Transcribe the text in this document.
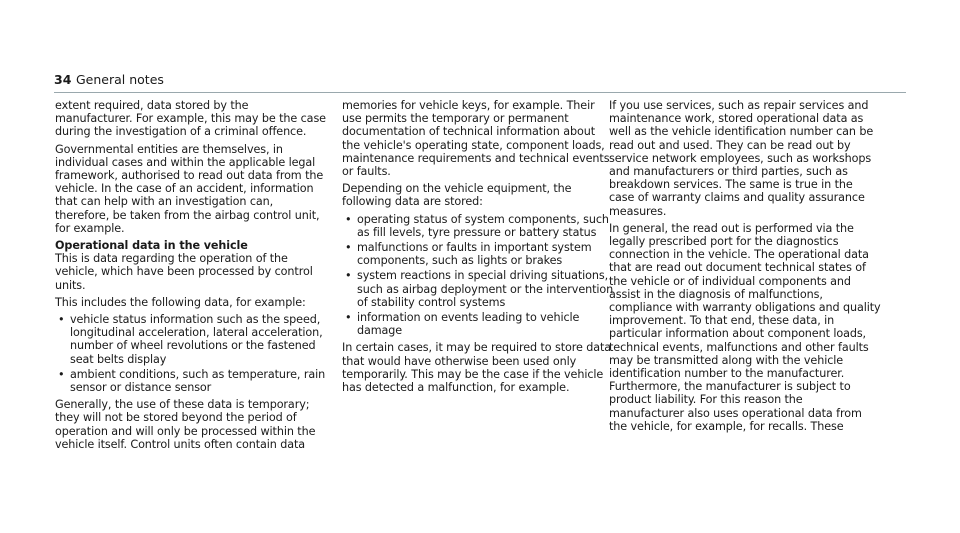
34 General notes

extent required, data stored by the manufacturer. For example, this may be the case during the investigation of a criminal offence.

Governmental entities are themselves, in individual cases and within the applicable legal framework, authorised to read out data from the vehicle. In the case of an accident, information that can help with an investigation can, therefore, be taken from the airbag control unit, for example.

Operational data in the vehicle

This is data regarding the operation of the vehicle, which have been processed by control units.

This includes the following data, for example:

• vehicle status information such as the speed, longitudinal acceleration, lateral acceleration, number of wheel revolutions or the fastened seat belts display
• ambient conditions, such as temperature, rain sensor or distance sensor

Generally, the use of these data is temporary; they will not be stored beyond the period of operation and will only be processed within the vehicle itself. Control units often contain data

memories for vehicle keys, for example. Their use permits the temporary or permanent documentation of technical information about the vehicle's operating state, component loads, maintenance requirements and technical events or faults.

Depending on the vehicle equipment, the following data are stored:

• operating status of system components, such as fill levels, tyre pressure or battery status
• malfunctions or faults in important system components, such as lights or brakes
• system reactions in special driving situations, such as airbag deployment or the intervention of stability control systems
• information on events leading to vehicle damage

In certain cases, it may be required to store data that would have otherwise been used only temporarily. This may be the case if the vehicle has detected a malfunction, for example.

If you use services, such as repair services and maintenance work, stored operational data as well as the vehicle identification number can be read out and used. They can be read out by service network employees, such as workshops and manufacturers or third parties, such as breakdown services. The same is true in the case of warranty claims and quality assurance measures.

In general, the read out is performed via the legally prescribed port for the diagnostics connection in the vehicle. The operational data that are read out document technical states of the vehicle or of individual components and assist in the diagnosis of malfunctions, compliance with warranty obligations and quality improvement. To that end, these data, in particular information about component loads, technical events, malfunctions and other faults may be transmitted along with the vehicle identification number to the manufacturer. Furthermore, the manufacturer is subject to product liability. For this reason the manufacturer also uses operational data from the vehicle, for example, for recalls. These
